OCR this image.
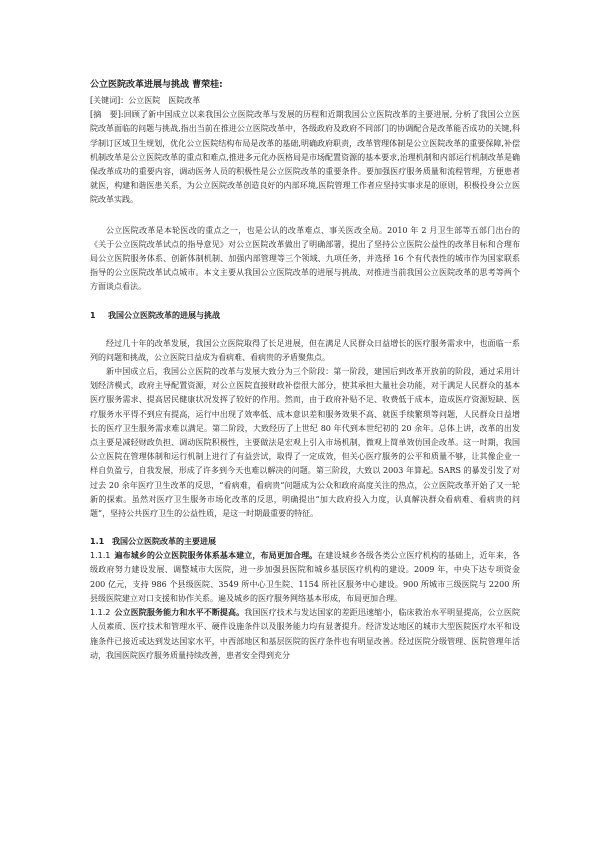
公立医院改革进展与挑战 曹荣桂:

[关键词]：公立医院　医院改革

[摘　要]:回顾了新中国成立以来我国公立医院改革与发展的历程和近期我国公立医院改革的主要进展, 分析了我国公立医院改革面临的问题与挑战,指出当前在推进公立医院改革中，各级政府及政府不同部门的协调配合是改革能否成功的关键,科学制订区域卫生规划，优化公立医院结构布局是改革的基础,明确政府职责，改革管理体制是公立医院改革的重要保障,补偿机制改革是公立医院改革的重点和难点,推进多元化办医格局是市场配置资源的基本要求,治理机制和内部运行机制改革是确保改革成功的重要内容，调动医务人员的积极性是公立医院改革的重要条件。要加强医疗服务质量和流程管理，方便患者就医，构建和谐医患关系，为公立医院改革创造良好的内部环境,医院管理工作者应坚持实事求是的原则，积极投身公立医院改革实践。

公立医院改革是本轮医改的重点之一，也是公认的改革难点、事关医改全局。2010 年 2 月卫生部等五部门出台的《关于公立医院改革试点的指导意见》对公立医院改革做出了明确部署，提出了坚持公立医院公益性的改革目标和合理布局公立医院服务体系、创新体制机制、加强内部管理等三个领域、九项任务，并选择 16 个有代表性的城市作为国家联系指导的公立医院改革试点城市。本文主要从我国公立医院改革的进展与挑战、对推进当前我国公立医院改革的思考等两个方面谈点看法。

1 我国公立医院改革的进展与挑战

经过几十年的改革发展，我国公立医院取得了长足进展，但在满足人民群众日益增长的医疗服务需求中，也面临一系列的问题和挑战，公立医院日益成为看病难、看病贵的矛盾聚焦点。

新中国成立后，我国公立医院的改革与发展大致分为三个阶段：第一阶段，建国后到改革开放前的阶段，通过采用计划经济模式，政府主导配置资源，对公立医院直接财政补偿很大部分，使其承担大量社会功能，对于满足人民群众的基本医疗服务需求、提高居民健康状况发挥了较好的作用。然而，由于政府补贴不足、收费低于成本，造成医疗资源短缺、医疗服务水平得不到应有提高，运行中出现了效率低、成本意识差和服务效果不高、就医手续繁琐等问题，人民群众日益增长的医疗卫生服务需求难以满足。第二阶段，大致经历了上世纪 80 年代到本世纪初的 20 余年。总体上讲，改革的出发点主要是减轻财政负担、调动医院积极性，主要做法是宏观上引入市场机制，微观上简单效仿国企改革。这一时期，我国公立医院在管理体制和运行机制上进行了有益尝试，取得了一定成效，但关心医疗服务的公平和质量不够，让其像企业一样自负盈亏，自我发展，形成了许多到今天也难以解决的问题。第三阶段，大致以 2003 年算起。SARS 的暴发引发了对过去 20 余年医疗卫生改革的反思，“看病难，看病贵”问题成为公众和政府高度关注的热点，公立医院改革开始了又一轮新的探索。虽然对医疗卫生服务市场化改革的反思，明确提出“加大政府投入力度，认真解决群众看病难、看病贵的问题”，坚持公共医疗卫生的公益性质，是这一时期最重要的特征。

1.1 我国公立医院改革的主要进展

1.1.1 遍布城乡的公立医院服务体系基本建立，布局更加合理。在建设城乡各级各类公立医疗机构的基础上，近年来，各级政府努力建设发展、调整城市大医院，进一步加强县医院和城乡基层医疗机构的建设。2009 年，中央下达专项资金 200 亿元，支持 986 个县级医院、3549 所中心卫生院、1154 所社区服务中心建设。900 所城市三级医院与 2200 所县级医院建立对口支援和协作关系。遍及城乡的医疗服务网络基本形成，布局更加合理。

1.1.2 公立医院服务能力和水平不断提高。我国医疗技术与发达国家的差距迅速缩小，临床救治水平明显提高，公立医院人员素质、医疗技术和管理水平、硬件设施条件以及服务能力均有显著提升。经济发达地区的城市大型医院医疗水平和设施条件已接近或达到发达国家水平，中西部地区和基层医院的医疗条件也有明显改善。经过医院分级管理、医院管理年活动，我国医院医疗服务质量持续改善，患者安全得到充分
